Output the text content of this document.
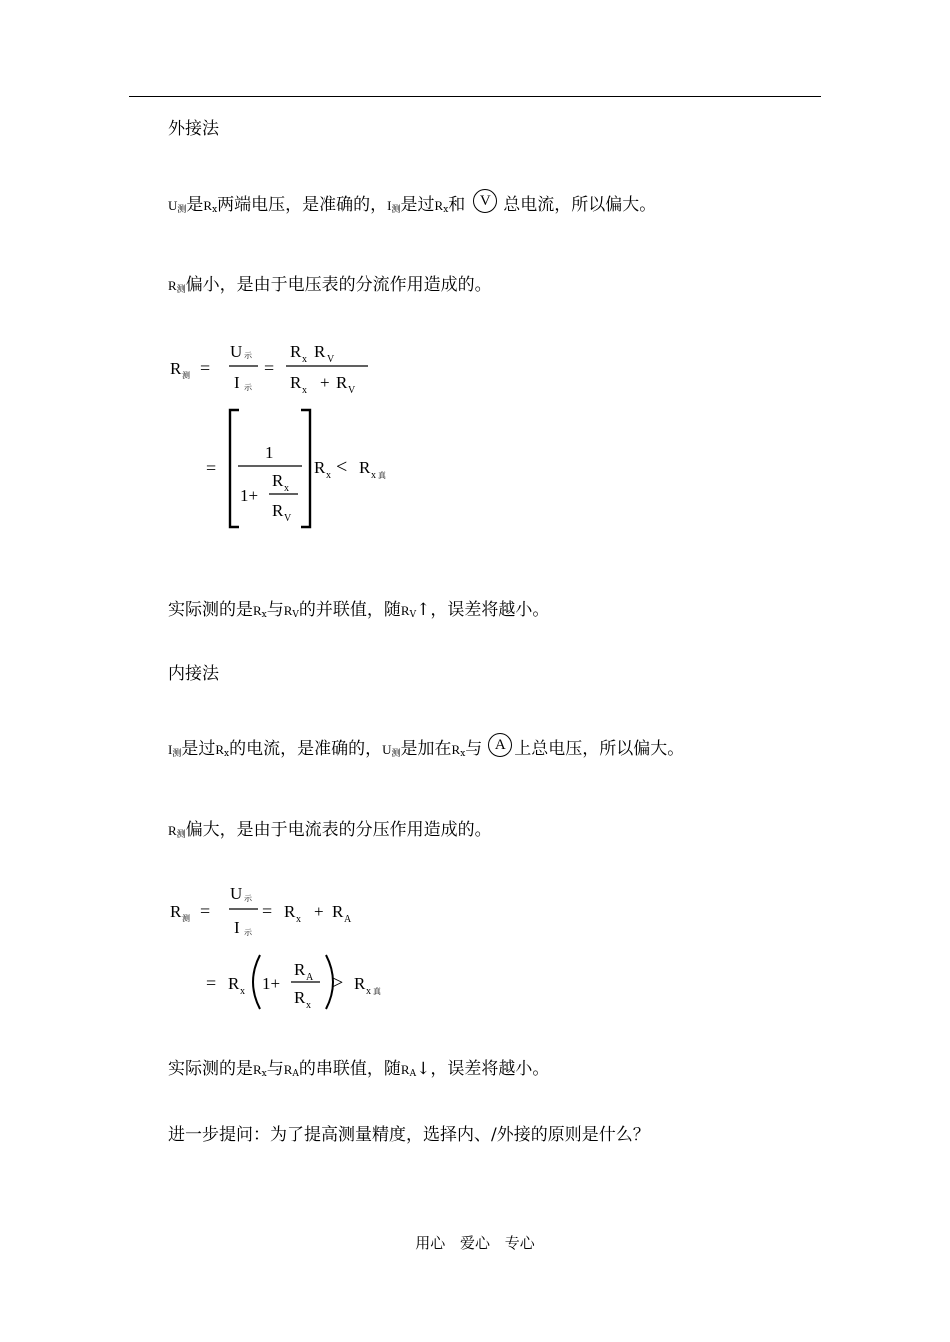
外接法
$U_测$是$R_x$两端电压，是准确的，$I_测$是过$R_x$和 V 总电流，所以偏大。
$R_测$偏小，是由于电压表的分流作用造成的。
R 测 =
U 示
I 示
=
R x R V
R x + R V
=
1
1+
R x
R V
R x < R x 真
实际测的是$R_x$与$R_V$的并联值，随$R_V↑$，误差将越小。
内接法
$I_测$是过$R_x$的电流，是准确的，$U_测$是加在$R_x$与 A 上总电压，所以偏大。
$R_测$偏大，是由于电流表的分压作用造成的。
R 测 =
U 示
I 示
= R x + R A
= R x 1+
R A
R x
> R x 真
实际测的是$R_x$与$R_A$的串联值，随$R_A↓$，误差将越小。
进一步提问：为了提高测量精度，选择内、/外接的原则是什么？
用心 爱心 专心
